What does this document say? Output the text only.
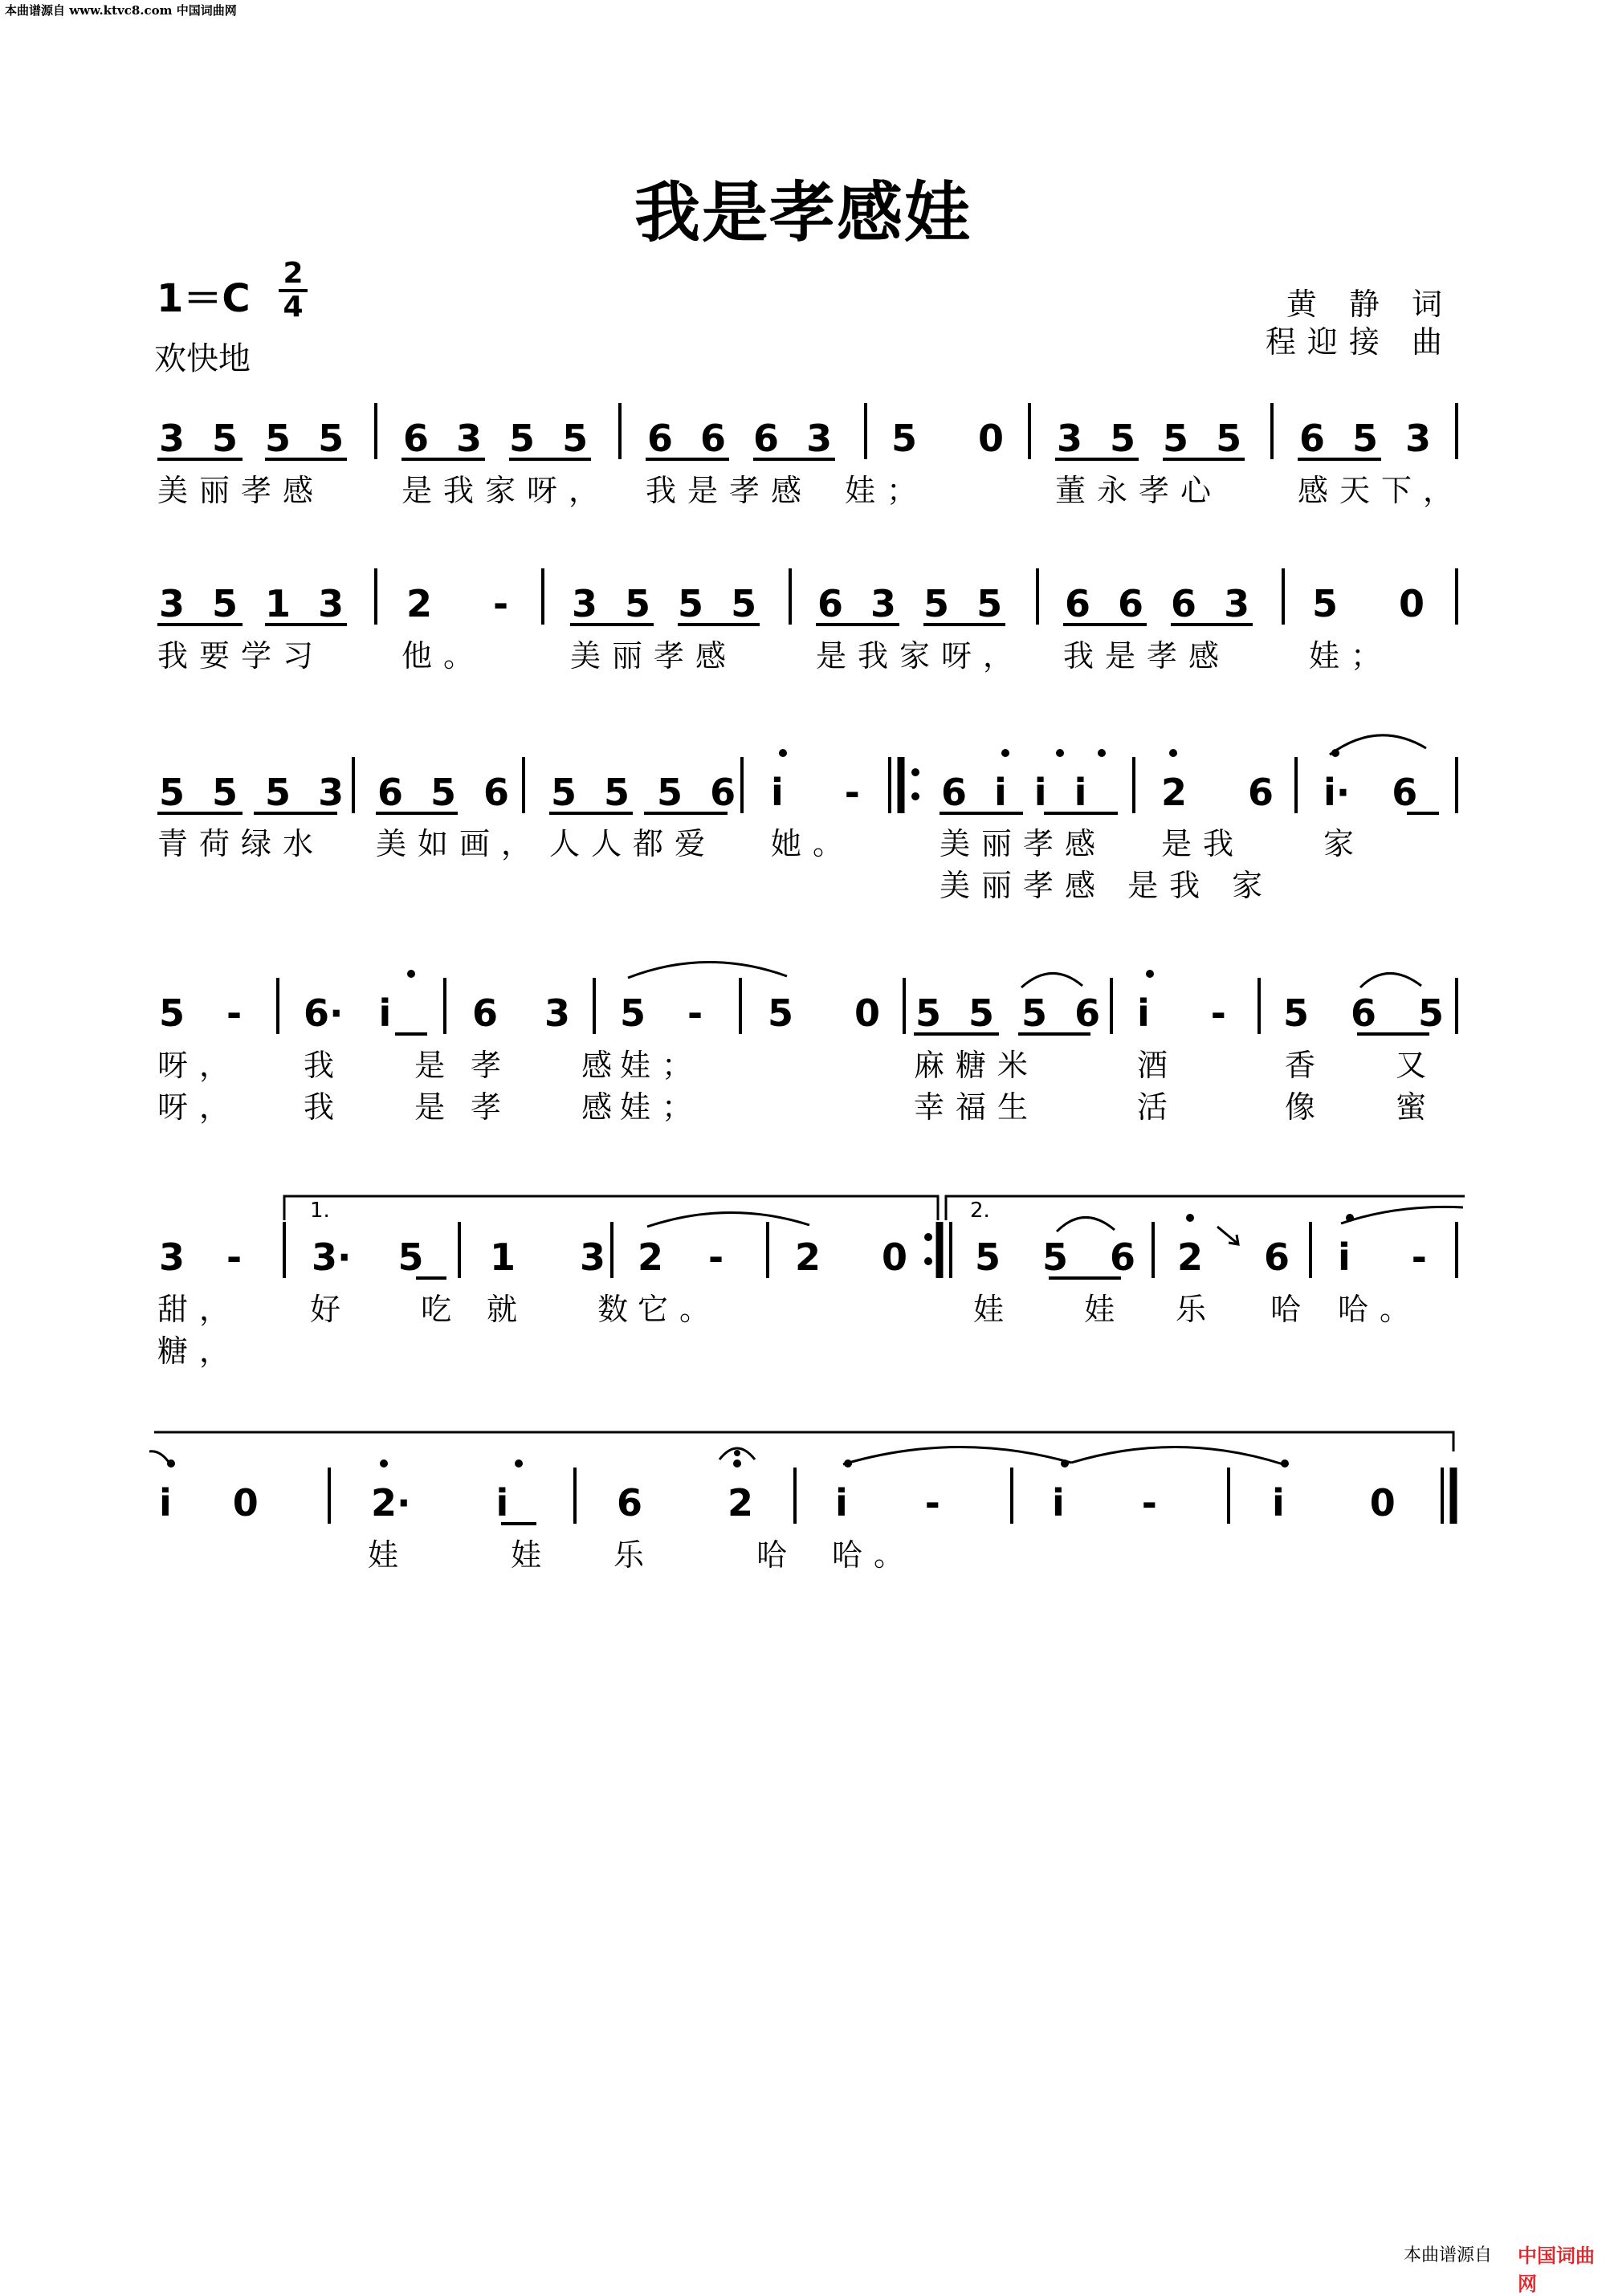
本曲谱源自 www.ktvc8.com 中国词曲网
我是孝感娃
1＝C
2
4
欢快地
黄 静 词
程迎接 曲
3 5 5 5 6 3 5 5 6 6 6 3 5 0 3 5 5 5 6 5 3
美丽孝感	是我家呀， 我是孝感 娃；	董永孝心 感天下，
3 5 1 3 2 - 3 5 5 5 6 3 5 5 6 6 6 3 5 0
我要学习	他。	美丽孝感	是我家呀， 我是孝感	娃；
5 5 5 3 6 5 6 5 5 5 6 i - 6 i i i 2 6 i· 6
青荷绿水 美如画， 人人都爱 她。	美丽孝感 是我	家
美丽孝感 是我 家
5 - 6· i 6 3 5 - 5 0 5 5 5 6 i - 5 6 5
呀， 我 是 孝 感
娃；	麻糖米	酒	香 又
呀， 我 是 孝 感
娃；	幸福生	活	像 蜜
1.	2.
3 - 3· 5 1 3 2 - 2 0 5 5 6 2 6 i -
甜， 好 吃 就 数
它。	娃 娃 乐 哈 哈。
糖，
i 0	2· i	6 2 i -	i -	i 0
娃 娃 乐 哈 哈。
本曲谱源自 中国词曲网
